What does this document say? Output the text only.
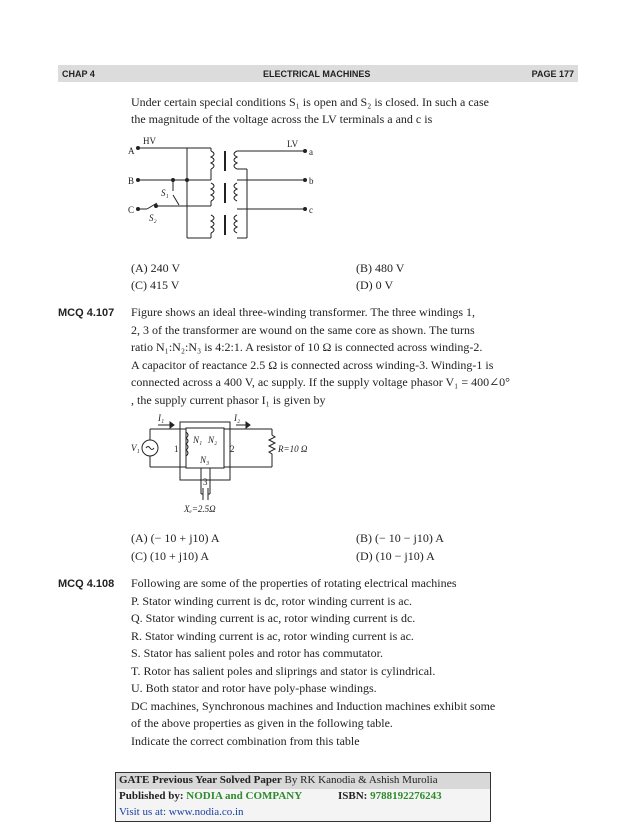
CHAP 4	ELECTRICAL MACHINES	PAGE 177
Under certain special conditions S₁ is open and S₂ is closed. In such a case
the magnitude of the voltage across the LV terminals a and c is
HV	LV
A
B
C
a
b
c
S₁
S₂
(A) 240 V	(B) 480 V
(C) 415 V	(D) 0 V
MCQ 4.107 Figure shows an ideal three-winding transformer. The three windings 1,
2, 3 of the transformer are wound on the same core as shown. The turns
ratio N₁:N₂:N₃ is 4:2:1. A resistor of 10 Ω is connected across winding-2.
A capacitor of reactance 2.5 Ω is connected across winding-3. Winding-1 is
connected across a 400 V, ac supply. If the supply voltage phasor V₁ = 400∠0°
, the supply current phasor I₁ is given by
I₁	I₂
V₁	1	2
3
N₁ N₂
N₃
R=10 Ω
Xₑ=2.5Ω
(A) (− 10 + j10) A	(B) (− 10 − j10) A
(C) (10 + j10) A	(D) (10 − j10) A
MCQ 4.108 Following are some of the properties of rotating electrical machines
P. Stator winding current is dc, rotor winding current is ac.
Q. Stator winding current is ac, rotor winding current is dc.
R. Stator winding current is ac, rotor winding current is ac.
S. Stator has salient poles and rotor has commutator.
T. Rotor has salient poles and sliprings and stator is cylindrical.
U. Both stator and rotor have poly-phase windings.
DC machines, Synchronous machines and Induction machines exhibit some
of the above properties as given in the following table.
Indicate the correct combination from this table
GATE Previous Year Solved Paper By RK Kanodia & Ashish Murolia
Published by: NODIA and COMPANY	ISBN: 9788192276243
Visit us at: www.nodia.co.in
